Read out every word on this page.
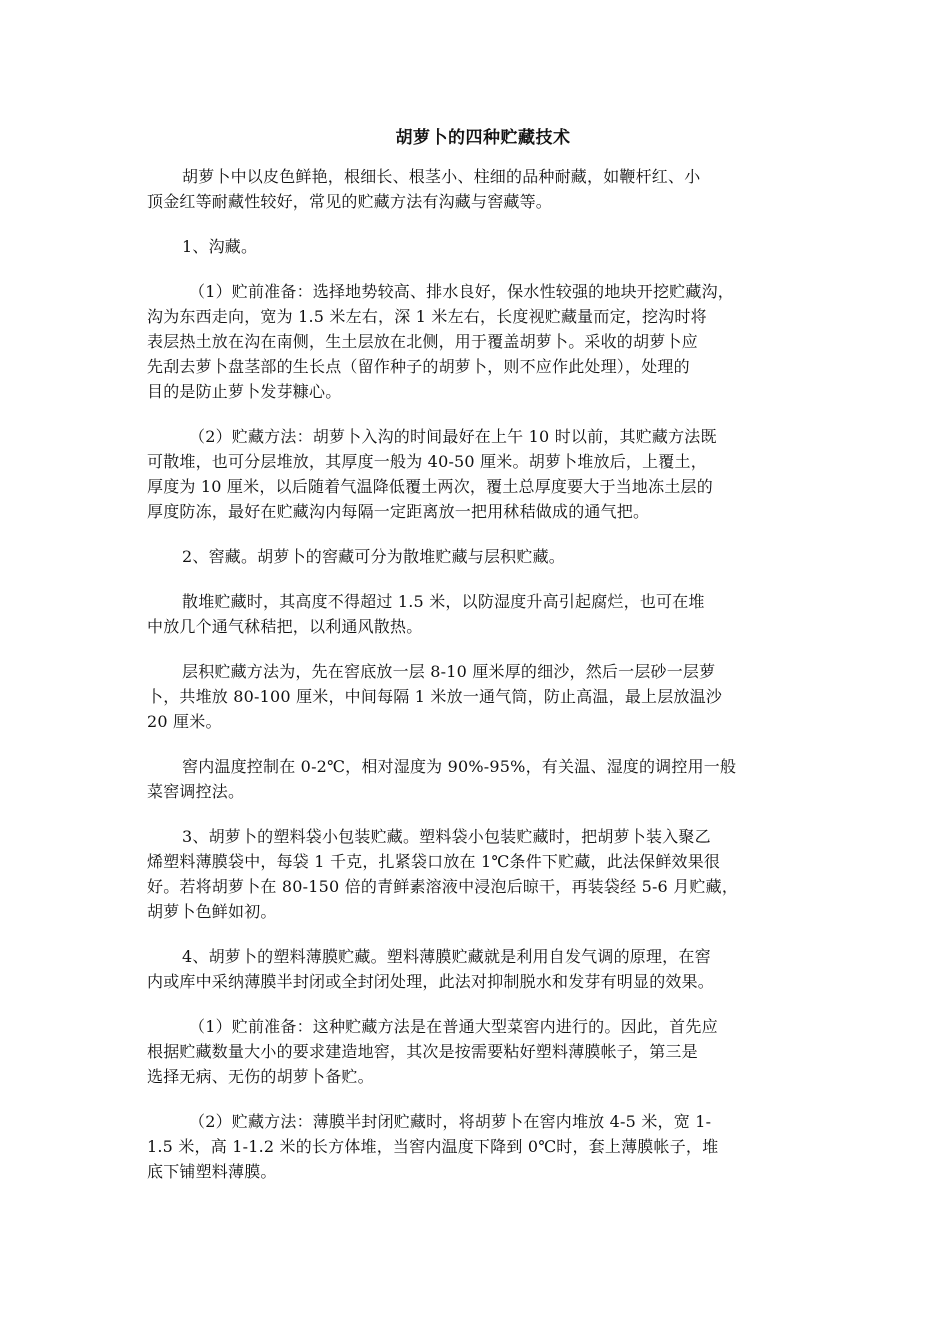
胡萝卜的四种贮藏技术

胡萝卜中以皮色鲜艳，根细长、根茎小、柱细的品种耐藏，如鞭杆红、小
顶金红等耐藏性较好，常见的贮藏方法有沟藏与窖藏等。

1、沟藏。

（1）贮前准备：选择地势较高、排水良好，保水性较强的地块开挖贮藏沟，
沟为东西走向，宽为 1.5 米左右，深 1 米左右，长度视贮藏量而定，挖沟时将
表层热土放在沟在南侧，生土层放在北侧，用于覆盖胡萝卜。采收的胡萝卜应
先刮去萝卜盘茎部的生长点（留作种子的胡萝卜，则不应作此处理），处理的
目的是防止萝卜发芽糠心。

（2）贮藏方法：胡萝卜入沟的时间最好在上午 10 时以前，其贮藏方法既
可散堆，也可分层堆放，其厚度一般为 40-50 厘米。胡萝卜堆放后，上覆土，
厚度为 10 厘米，以后随着气温降低覆土两次，覆土总厚度要大于当地冻土层的
厚度防冻，最好在贮藏沟内每隔一定距离放一把用秫秸做成的通气把。

2、窖藏。胡萝卜的窖藏可分为散堆贮藏与层积贮藏。

散堆贮藏时，其高度不得超过 1.5 米，以防湿度升高引起腐烂，也可在堆
中放几个通气秫秸把，以利通风散热。

层积贮藏方法为，先在窖底放一层 8-10 厘米厚的细沙，然后一层砂一层萝
卜，共堆放 80-100 厘米，中间每隔 1 米放一通气筒，防止高温，最上层放温沙
20 厘米。

窖内温度控制在 0-2℃，相对湿度为 90%-95%，有关温、湿度的调控用一般
菜窖调控法。

3、胡萝卜的塑料袋小包装贮藏。塑料袋小包装贮藏时，把胡萝卜装入聚乙
烯塑料薄膜袋中，每袋 1 千克，扎紧袋口放在 1℃条件下贮藏，此法保鲜效果很
好。若将胡萝卜在 80-150 倍的青鲜素溶液中浸泡后晾干，再装袋经 5-6 月贮藏，
胡萝卜色鲜如初。

4、胡萝卜的塑料薄膜贮藏。塑料薄膜贮藏就是利用自发气调的原理，在窖
内或库中采纳薄膜半封闭或全封闭处理，此法对抑制脱水和发芽有明显的效果。

（1）贮前准备：这种贮藏方法是在普通大型菜窖内进行的。因此，首先应
根据贮藏数量大小的要求建造地窖，其次是按需要粘好塑料薄膜帐子，第三是
选择无病、无伤的胡萝卜备贮。

（2）贮藏方法：薄膜半封闭贮藏时，将胡萝卜在窖内堆放 4-5 米，宽 1-
1.5 米，高 1-1.2 米的长方体堆，当窖内温度下降到 0℃时，套上薄膜帐子，堆
底下铺塑料薄膜。
